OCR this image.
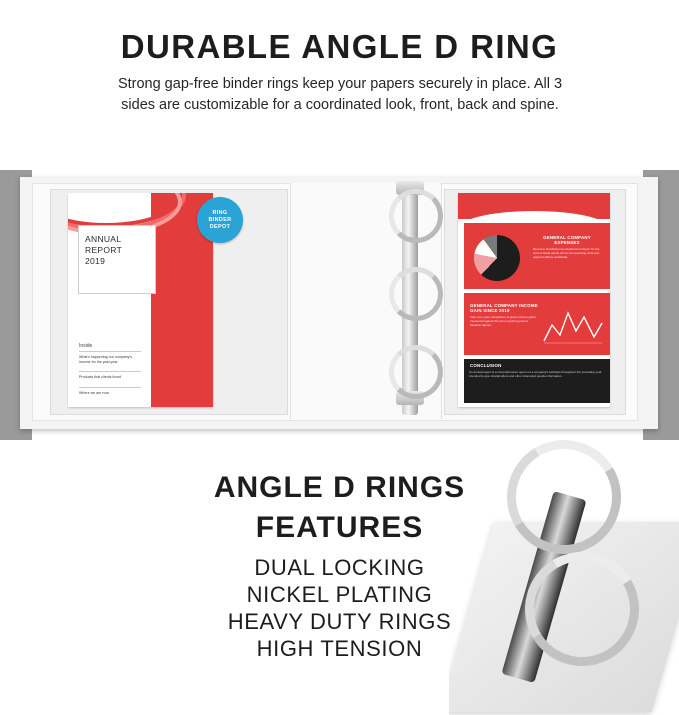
DURABLE ANGLE D RING
Strong gap-free binder rings keep your papers securely in place. All 3 sides are customizable for a coordinated look, front, back and spine.
ANNUAL
REPORT
2019
Inside
What's happening our company's income for the past year
Products that clients loved
Where we are now
RING
BINDER
DEPOT
GENERAL COMPANY EXPENSES
Revenue breakdown by department shown for the current fiscal period across all operating units and regional offices worldwide.
GENERAL COMPANY INCOME GAIN SINCE 2019
Year over year comparison of gross income gains measured against the prior reporting period baseline figures.
CONCLUSION
An annual report is a comprehensive report on a company's activities throughout the preceding year intended to give shareholders and other interested people information.
ANGLE D RINGS
FEATURES
DUAL LOCKING
NICKEL PLATING
HEAVY DUTY RINGS
HIGH TENSION
